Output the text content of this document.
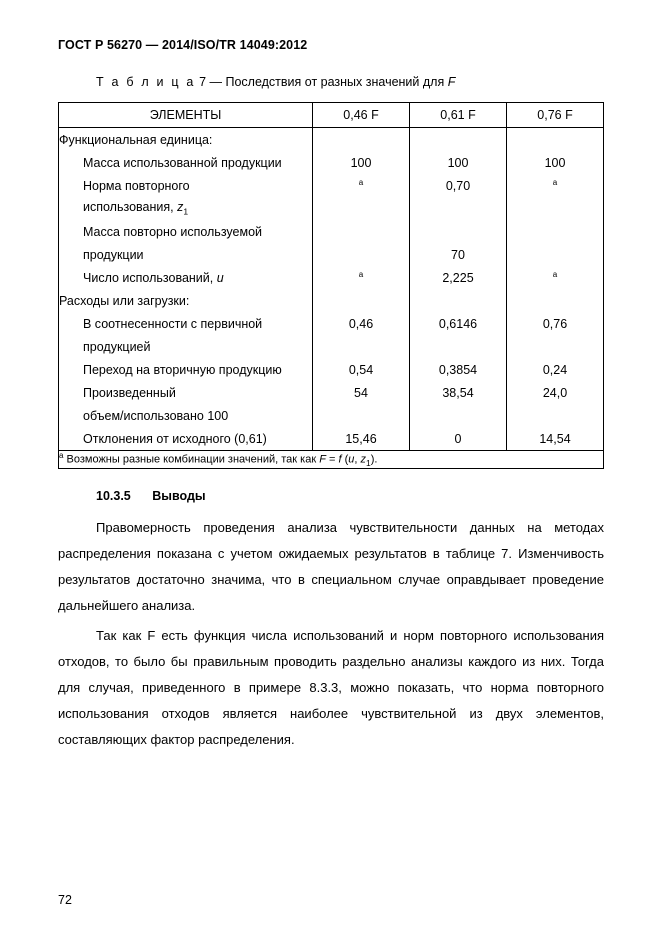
ГОСТ Р 56270 — 2014/ISO/TR 14049:2012
Т а б л и ц а 7 — Последствия от разных значений для F
ЭЛЕМЕНТЫ	0,46 F	0,61 F	0,76 F
Функциональная единица:			
Масса использованной продукции	100	100	100
Норма повторного	$^a$	0,70	$^a$
использования, $z_1$			
Масса повторно используемой			
продукции		70	
Число использований, u	$^a$	2,225	$^a$
Расходы или загрузки:			
В соотнесенности с первичной	0,46	0,6146	0,76
продукцией			
Переход на вторичную продукцию	0,54	0,3854	0,24
Произведенный	54	38,54	24,0
объем/использовано 100			
Отклонения от исходного (0,61)	15,46	0	14,54
$^a$ Возможны разные комбинации значений, так как F = f (u, $z_1$).			
10.3.5 Выводы

Правомерность проведения анализа чувствительности данных на методах распределения показана с учетом ожидаемых результатов в таблице 7. Изменчивость результатов достаточно значима, что в специальном случае оправдывает проведение дальнейшего анализа.

Так как F есть функция числа использований и норм повторного использования отходов, то было бы правильным проводить раздельно анализы каждого из них. Тогда для случая, приведенного в примере 8.3.3, можно показать, что норма повторного использования отходов является наиболее чувствительной из двух элементов, составляющих фактор распределения.

72
